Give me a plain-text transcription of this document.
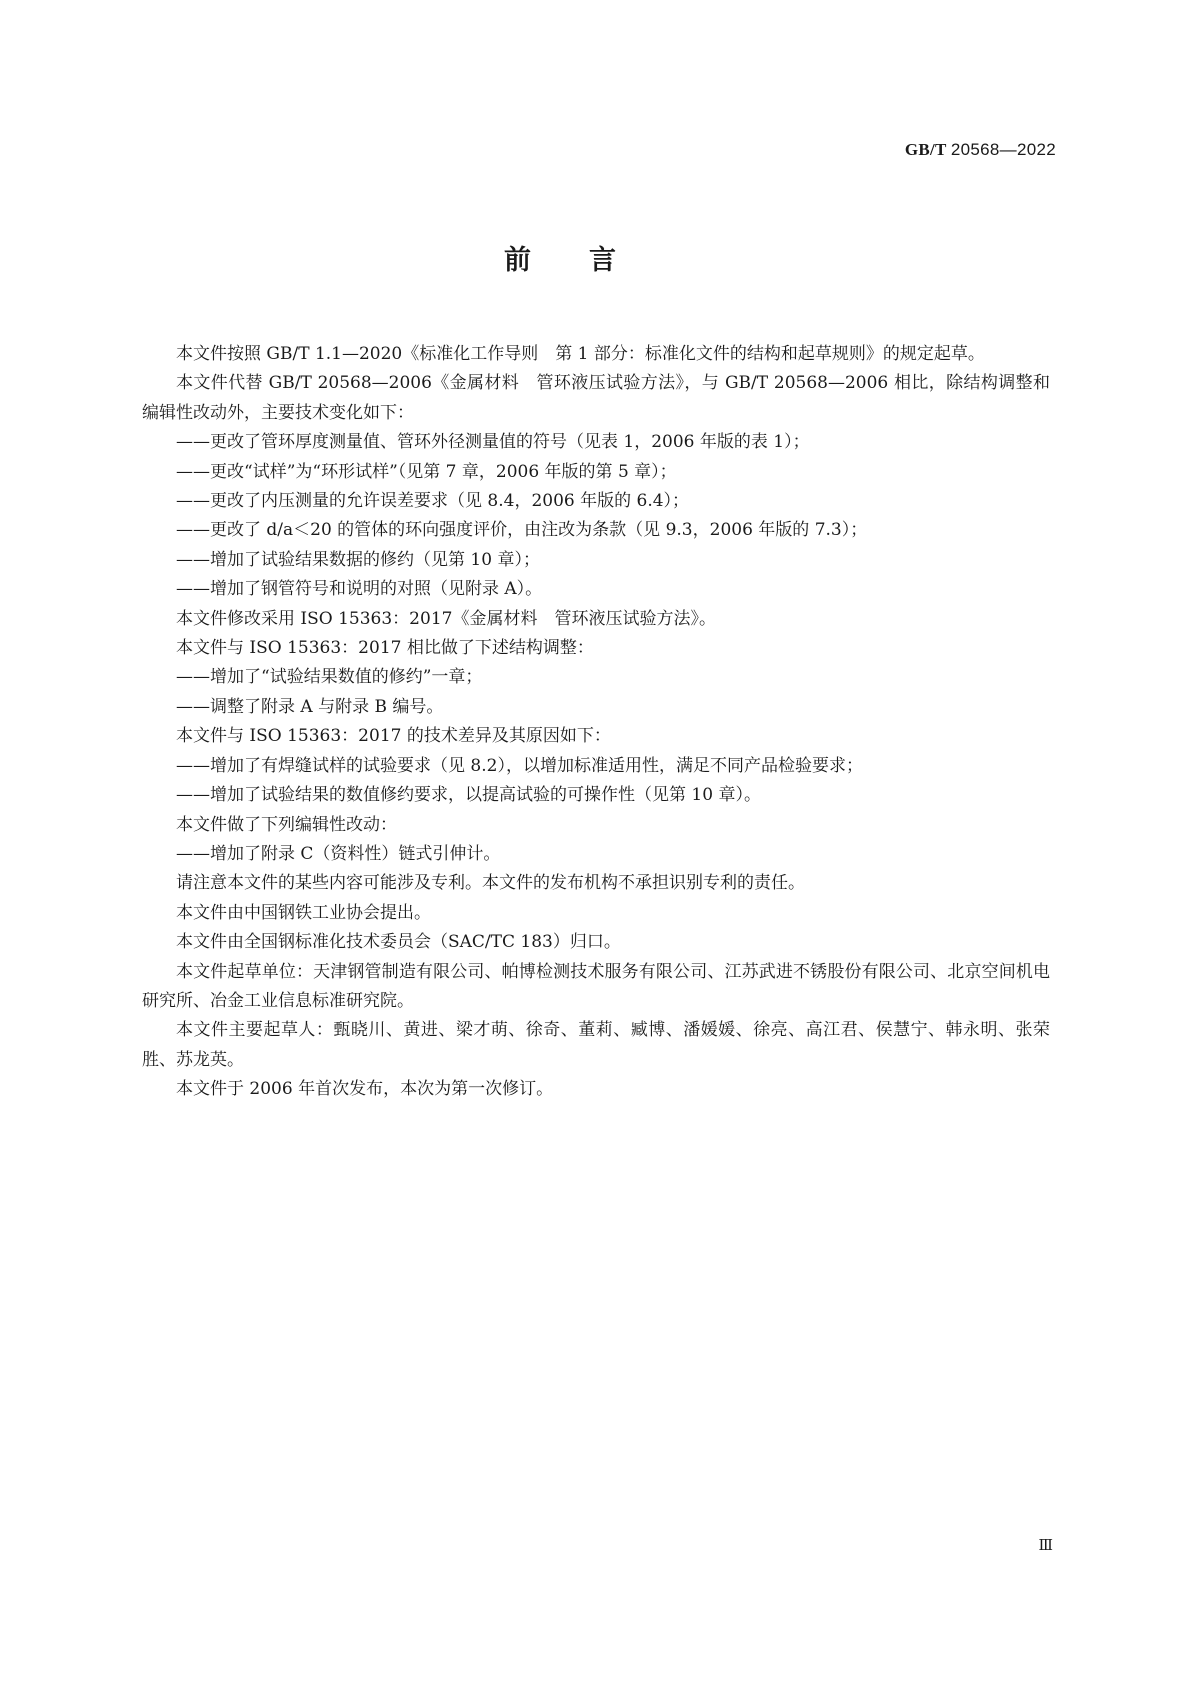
GB/T 20568—2022
前言

本文件按照 GB/T 1.1—2020《标准化工作导则　第 1 部分：标准化文件的结构和起草规则》的规定起草。

本文件代替 GB/T 20568—2006《金属材料　管环液压试验方法》，与 GB/T 20568—2006 相比，除结构调整和编辑性改动外，主要技术变化如下：

——更改了管环厚度测量值、管环外径测量值的符号（见表 1，2006 年版的表 1）；

——更改“试样”为“环形试样”（见第 7 章，2006 年版的第 5 章）；

——更改了内压测量的允许误差要求（见 8.4，2006 年版的 6.4）；

——更改了 d/a＜20 的管体的环向强度评价，由注改为条款（见 9.3，2006 年版的 7.3）；

——增加了试验结果数据的修约（见第 10 章）；

——增加了钢管符号和说明的对照（见附录 A）。

本文件修改采用 ISO 15363：2017《金属材料　管环液压试验方法》。

本文件与 ISO 15363：2017 相比做了下述结构调整：

——增加了“试验结果数值的修约”一章；

——调整了附录 A 与附录 B 编号。

本文件与 ISO 15363：2017 的技术差异及其原因如下：

——增加了有焊缝试样的试验要求（见 8.2），以增加标准适用性，满足不同产品检验要求；

——增加了试验结果的数值修约要求，以提高试验的可操作性（见第 10 章）。

本文件做了下列编辑性改动：

——增加了附录 C（资料性）链式引伸计。

请注意本文件的某些内容可能涉及专利。本文件的发布机构不承担识别专利的责任。

本文件由中国钢铁工业协会提出。

本文件由全国钢标准化技术委员会（SAC/TC 183）归口。

本文件起草单位：天津钢管制造有限公司、帕博检测技术服务有限公司、江苏武进不锈股份有限公司、北京空间机电研究所、冶金工业信息标准研究院。

本文件主要起草人：甄晓川、黄进、梁才萌、徐奇、董莉、臧博、潘媛媛、徐亮、高江君、侯慧宁、韩永明、张荣胜、苏龙英。

本文件于 2006 年首次发布，本次为第一次修订。

Ⅲ
